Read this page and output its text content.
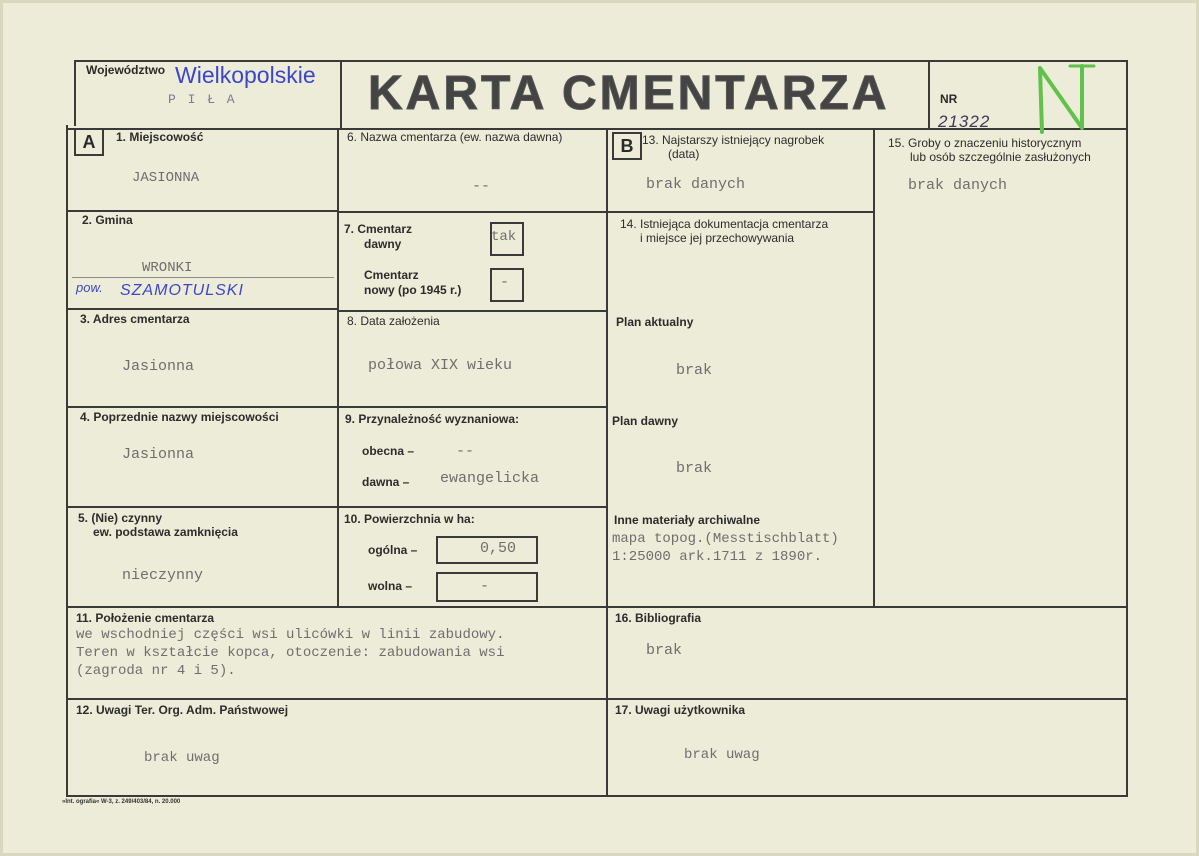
Województwo Wielkopolskie
P I Ł A	KARTA CMENTARZA	NR
21322
A	1. Miejscowość
JASIONNA
2. Gmina
WRONKI
pow. SZAMOTULSKI
3. Adres cmentarza
Jasionna
4. Poprzednie nazwy miejscowości
Jasionna
5. (Nie) czynny
ew. podstawa zamknięcia
nieczynny
6. Nazwa cmentarza (ew. nazwa dawna)
--
7. Cmentarz
dawny	tak
Cmentarz
nowy (po 1945 r.)	-
8. Data założenia
połowa XIX wieku
9. Przynależność wyznaniowa:
obecna –	--
dawna – ewangelicka
10. Powierzchnia w ha:
ogólna –	0,50
wolna –	-
B 13. Najstarszy istniejący nagrobek
(data)
brak danych
14. Istniejąca dokumentacja cmentarza
i miejsce jej przechowywania
Plan aktualny
brak
Plan dawny
brak
Inne materiały archiwalne
mapa topog.(Messtischblatt)
1:25000 ark.1711 z 1890r.
15. Groby o znaczeniu historycznym
lub osób szczególnie zasłużonych
brak danych
11. Położenie cmentarza
we wschodniej części wsi ulicówki w linii zabudowy.
Teren w kształcie kopca, otoczenie: zabudowania wsi
(zagroda nr 4 i 5).
16. Bibliografia
brak
12. Uwagi Ter. Org. Adm. Państwowej
brak uwag
17. Uwagi użytkownika
brak uwag
»Int. ografia« W-3, z. 249/403/84, n. 20.000
